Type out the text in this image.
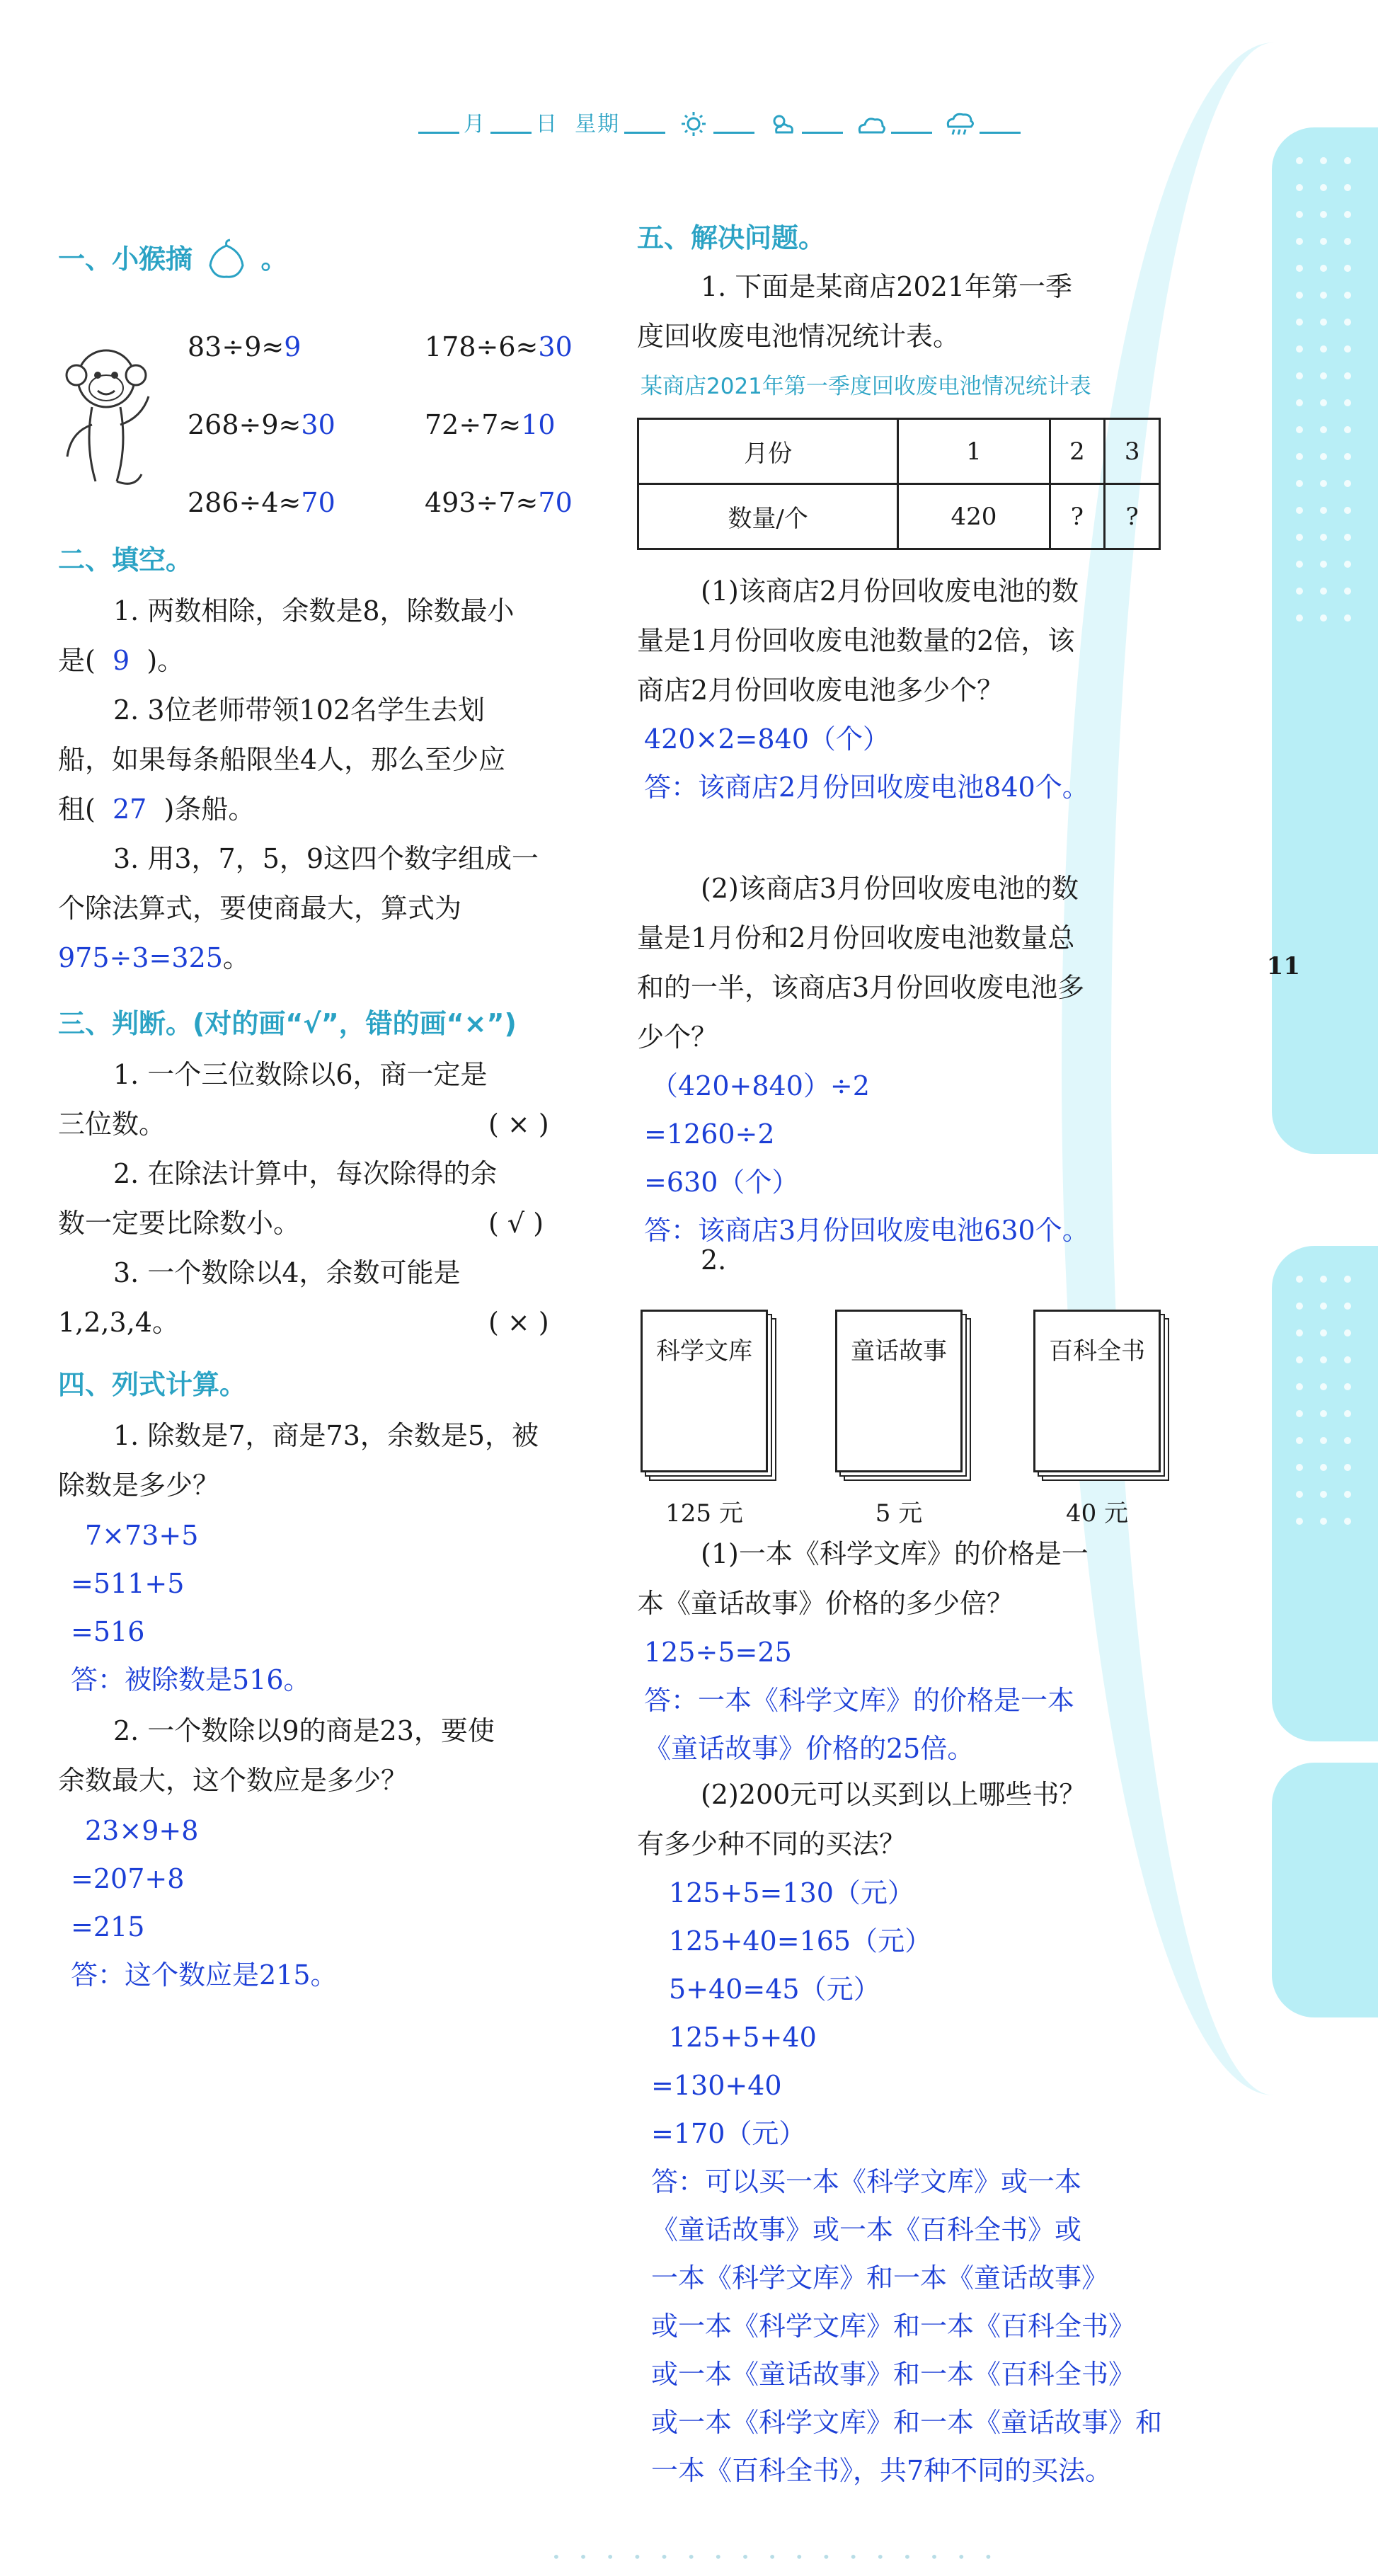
11
月 日 星期
一、小猴摘	。
83÷9≈9	178÷6≈30
268÷9≈30	72÷7≈10
286÷4≈70	493÷7≈70
二、填空。
1. 两数相除，余数是8，除数最小
是( 9 )。
2. 3位老师带领102名学生去划
船，如果每条船限坐4人，那么至少应
租( 27 )条船。
3. 用3，7，5，9这四个数字组成一
个除法算式，要使商最大，算式为
975÷3=325。
三、判断。(对的画“√”，错的画“×”)
1. 一个三位数除以6，商一定是
三位数。	( × )
2. 在除法计算中，每次除得的余
数一定要比除数小。	( √ )
3. 一个数除以4，余数可能是
1,2,3,4。	( × )
四、列式计算。
1. 除数是7，商是73，余数是5，被
除数是多少？
7×73+5
=511+5
=516
答：被除数是516。
2. 一个数除以9的商是23，要使
余数最大，这个数应是多少？
23×9+8
=207+8
=215
答：这个数应是215。
五、解决问题。
1. 下面是某商店2021年第一季
度回收废电池情况统计表。
某商店2021年第一季度回收废电池情况统计表
月份	1	2	3
数量/个	420	?	?
(1)该商店2月份回收废电池的数
量是1月份回收废电池数量的2倍，该
商店2月份回收废电池多少个？
420×2=840（个）
答：该商店2月份回收废电池840个。
(2)该商店3月份回收废电池的数
量是1月份和2月份回收废电池数量总
和的一半，该商店3月份回收废电池多
少个？
（420+840）÷2
=1260÷2
=630（个）
答：该商店3月份回收废电池630个。
2.
科学文库	童话故事	百科全书
125 元	5 元	40 元
(1)一本《科学文库》的价格是一
本《童话故事》价格的多少倍？
125÷5=25
答：一本《科学文库》的价格是一本
《童话故事》价格的25倍。
(2)200元可以买到以上哪些书？
有多少种不同的买法？
125+5=130（元）
125+40=165（元）
5+40=45（元）
125+5+40
=130+40
=170（元）
答：可以买一本《科学文库》或一本
《童话故事》或一本《百科全书》或
一本《科学文库》和一本《童话故事》
或一本《科学文库》和一本《百科全书》
或一本《童话故事》和一本《百科全书》
或一本《科学文库》和一本《童话故事》和
一本《百科全书》，共7种不同的买法。
• • • • • • • • • • • • • • • • •
